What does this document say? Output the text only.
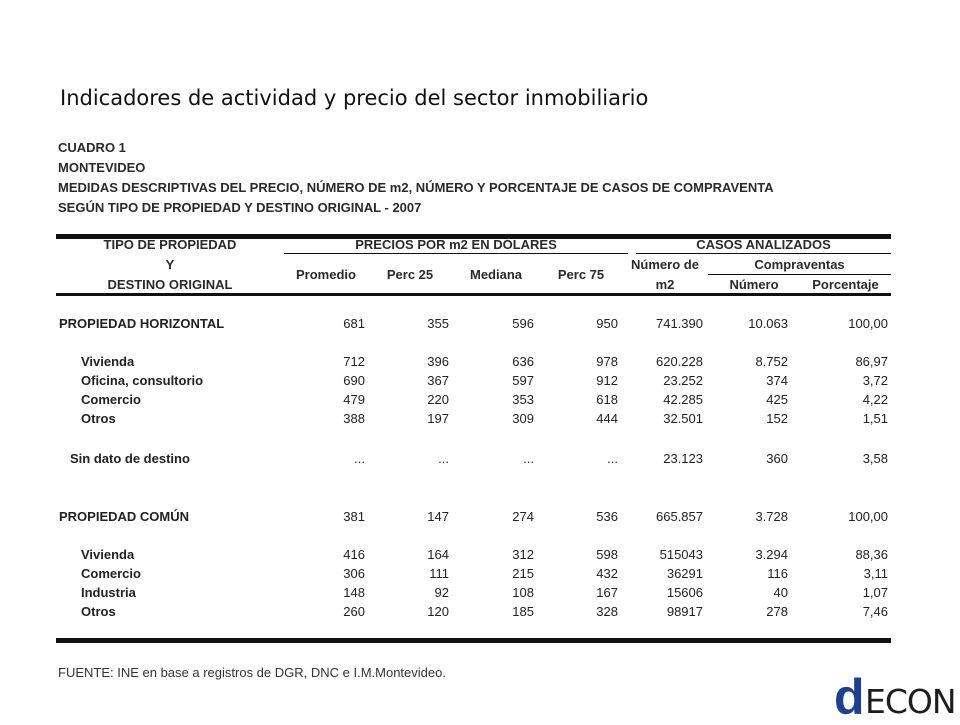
Indicadores de actividad y precio del sector inmobiliario
CUADRO 1
MONTEVIDEO
MEDIDAS DESCRIPTIVAS DEL PRECIO, NÚMERO DE m2, NÚMERO Y PORCENTAJE DE CASOS DE COMPRAVENTA
SEGÚN TIPO DE PROPIEDAD Y DESTINO ORIGINAL - 2007
TIPO DE PROPIEDAD
Y
DESTINO ORIGINAL
PRECIOS POR m2 EN DÓLARES	CASOS ANALIZADOS
Promedio	Perc 25	Mediana	Perc 75
Número de
m2
Compraventas
Número	Porcentaje
PROPIEDAD HORIZONTAL	681	355	596	950	741.390	10.063	100,00
Vivienda	712	396	636	978	620.228	8.752	86,97
Oficina, consultorio	690	367	597	912	23.252	374	3,72
Comercio	479	220	353	618	42.285	425	4,22
Otros	388	197	309	444	32.501	152	1,51
Sin dato de destino	...	...	...	...	23.123	360	3,58
PROPIEDAD COMÚN	381	147	274	536	665.857	3.728	100,00
Vivienda	416	164	312	598	515043	3.294	88,36
Comercio	306	111	215	432	36291	116	3,11
Industria	148	92	108	167	15606	40	1,07
Otros	260	120	185	328	98917	278	7,46
FUENTE: INE en base a registros de DGR, DNC e I.M.Montevideo.	d ECON
